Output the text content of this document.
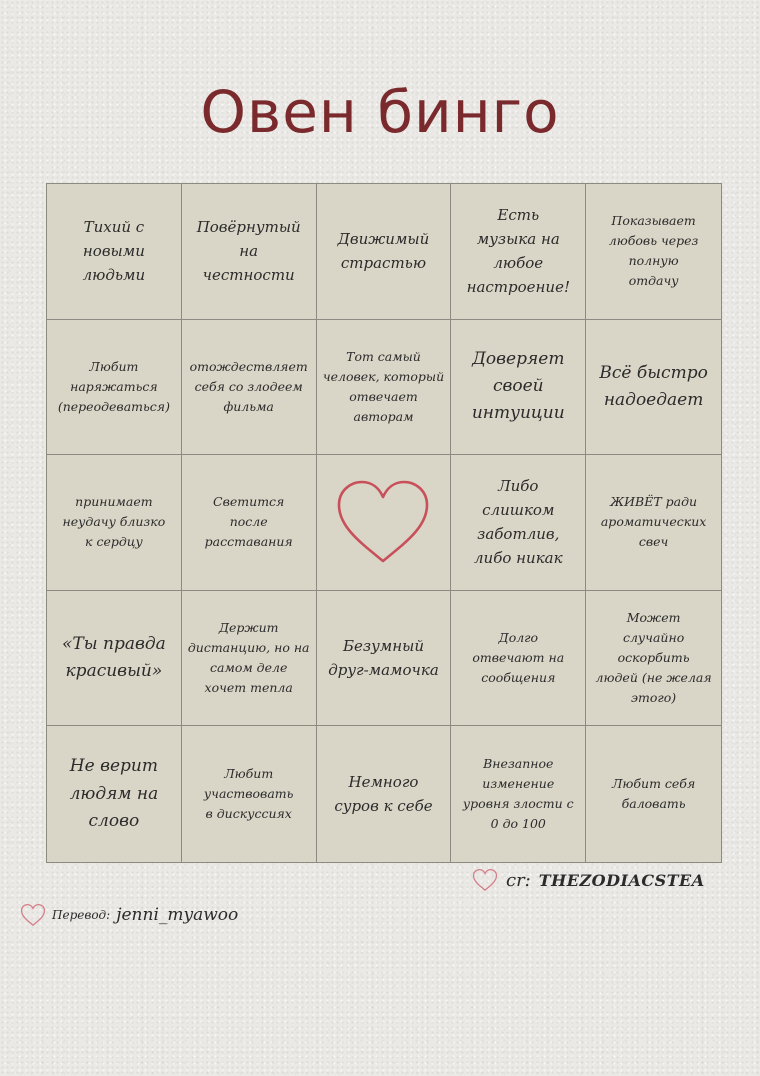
Овен бинго
Тихий с
новыми
людьми
Повёрнутый
на
честности
Движимый
страстью
Есть
музыка на
любое
настроение!
Показывает
любовь через
полную
отдачу
Любит
наряжаться
(переодеваться)
отождествляет
себя со злодеем
фильма
Тот самый
человек, который
отвечает
авторам
Доверяет
своей
интуиции
Всё быстро
надоедает
принимает
неудачу близко
к сердцу
Светится
после
расставания
Либо
слишком
заботлив,
либо никак
ЖИВЁТ ради
ароматических
свеч
«Ты правда
красивый»
Держит
дистанцию, но на
самом деле
хочет тепла
Безумный
друг-мамочка
Долго
отвечают на
сообщения
Может
случайно
оскорбить
людей (не желая
этого)
Не верит
людям на
слово
Любит
участвовать
в дискуссиях
Немного
суров к себе
Внезапное
изменение
уровня злости с
0 до 100
Любит себя
баловать
cr: THEZODIACSTEA
Перевод: jenni_myawoo
